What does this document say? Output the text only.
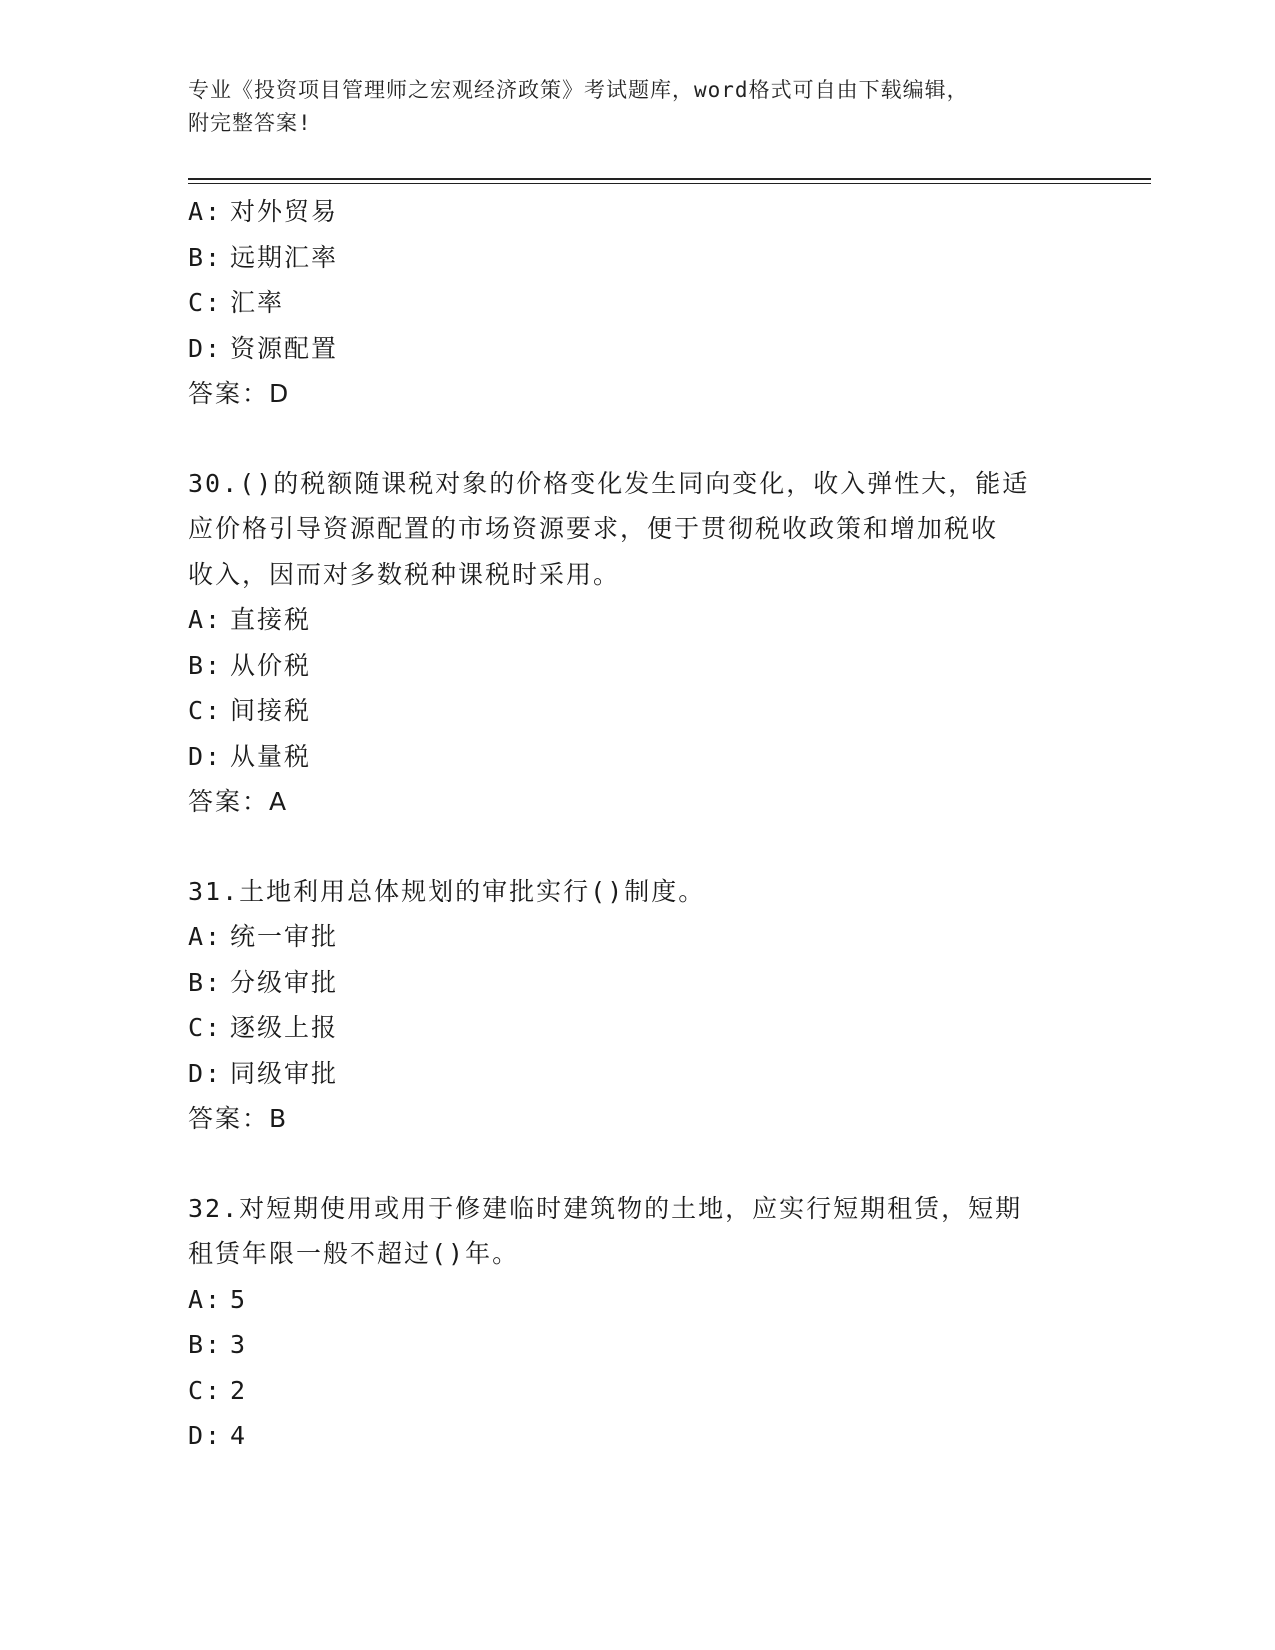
专业《投资项目管理师之宏观经济政策》考试题库，word格式可自由下载编辑，
附完整答案!
A: 对外贸易
B: 远期汇率
C: 汇率
D: 资源配置
答案：D
30.()的税额随课税对象的价格变化发生同向变化，收入弹性大，能适
应价格引导资源配置的市场资源要求，便于贯彻税收政策和增加税收
收入，因而对多数税种课税时采用。
A: 直接税
B: 从价税
C: 间接税
D: 从量税
答案：A
31.土地利用总体规划的审批实行()制度。
A: 统一审批
B: 分级审批
C: 逐级上报
D: 同级审批
答案：B
32.对短期使用或用于修建临时建筑物的土地，应实行短期租赁，短期
租赁年限一般不超过()年。
A: 5
B: 3
C: 2
D: 4
